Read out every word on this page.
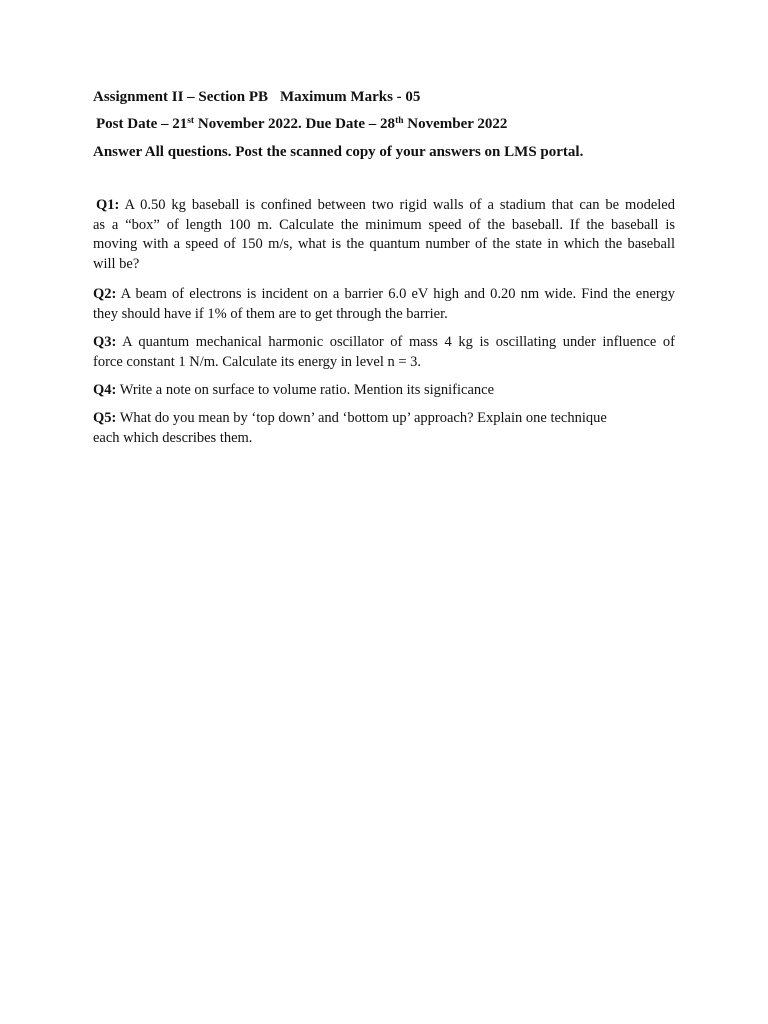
Assignment II – Section PB Maximum Marks - 05
Post Date – 21st November 2022. Due Date – 28th November 2022
Answer All questions. Post the scanned copy of your answers on LMS portal.
Q1: A 0.50 kg baseball is confined between two rigid walls of a stadium that can be modeled
as a “box” of length 100 m. Calculate the minimum speed of the baseball. If the baseball is
moving with a speed of 150 m/s, what is the quantum number of the state in which the baseball
will be?
Q2: A beam of electrons is incident on a barrier 6.0 eV high and 0.20 nm wide. Find the energy
they should have if 1% of them are to get through the barrier.
Q3: A quantum mechanical harmonic oscillator of mass 4 kg is oscillating under influence of
force constant 1 N/m. Calculate its energy in level n = 3.
Q4: Write a note on surface to volume ratio. Mention its significance
Q5: What do you mean by ‘top down’ and ‘bottom up’ approach? Explain one technique
each which describes them.
